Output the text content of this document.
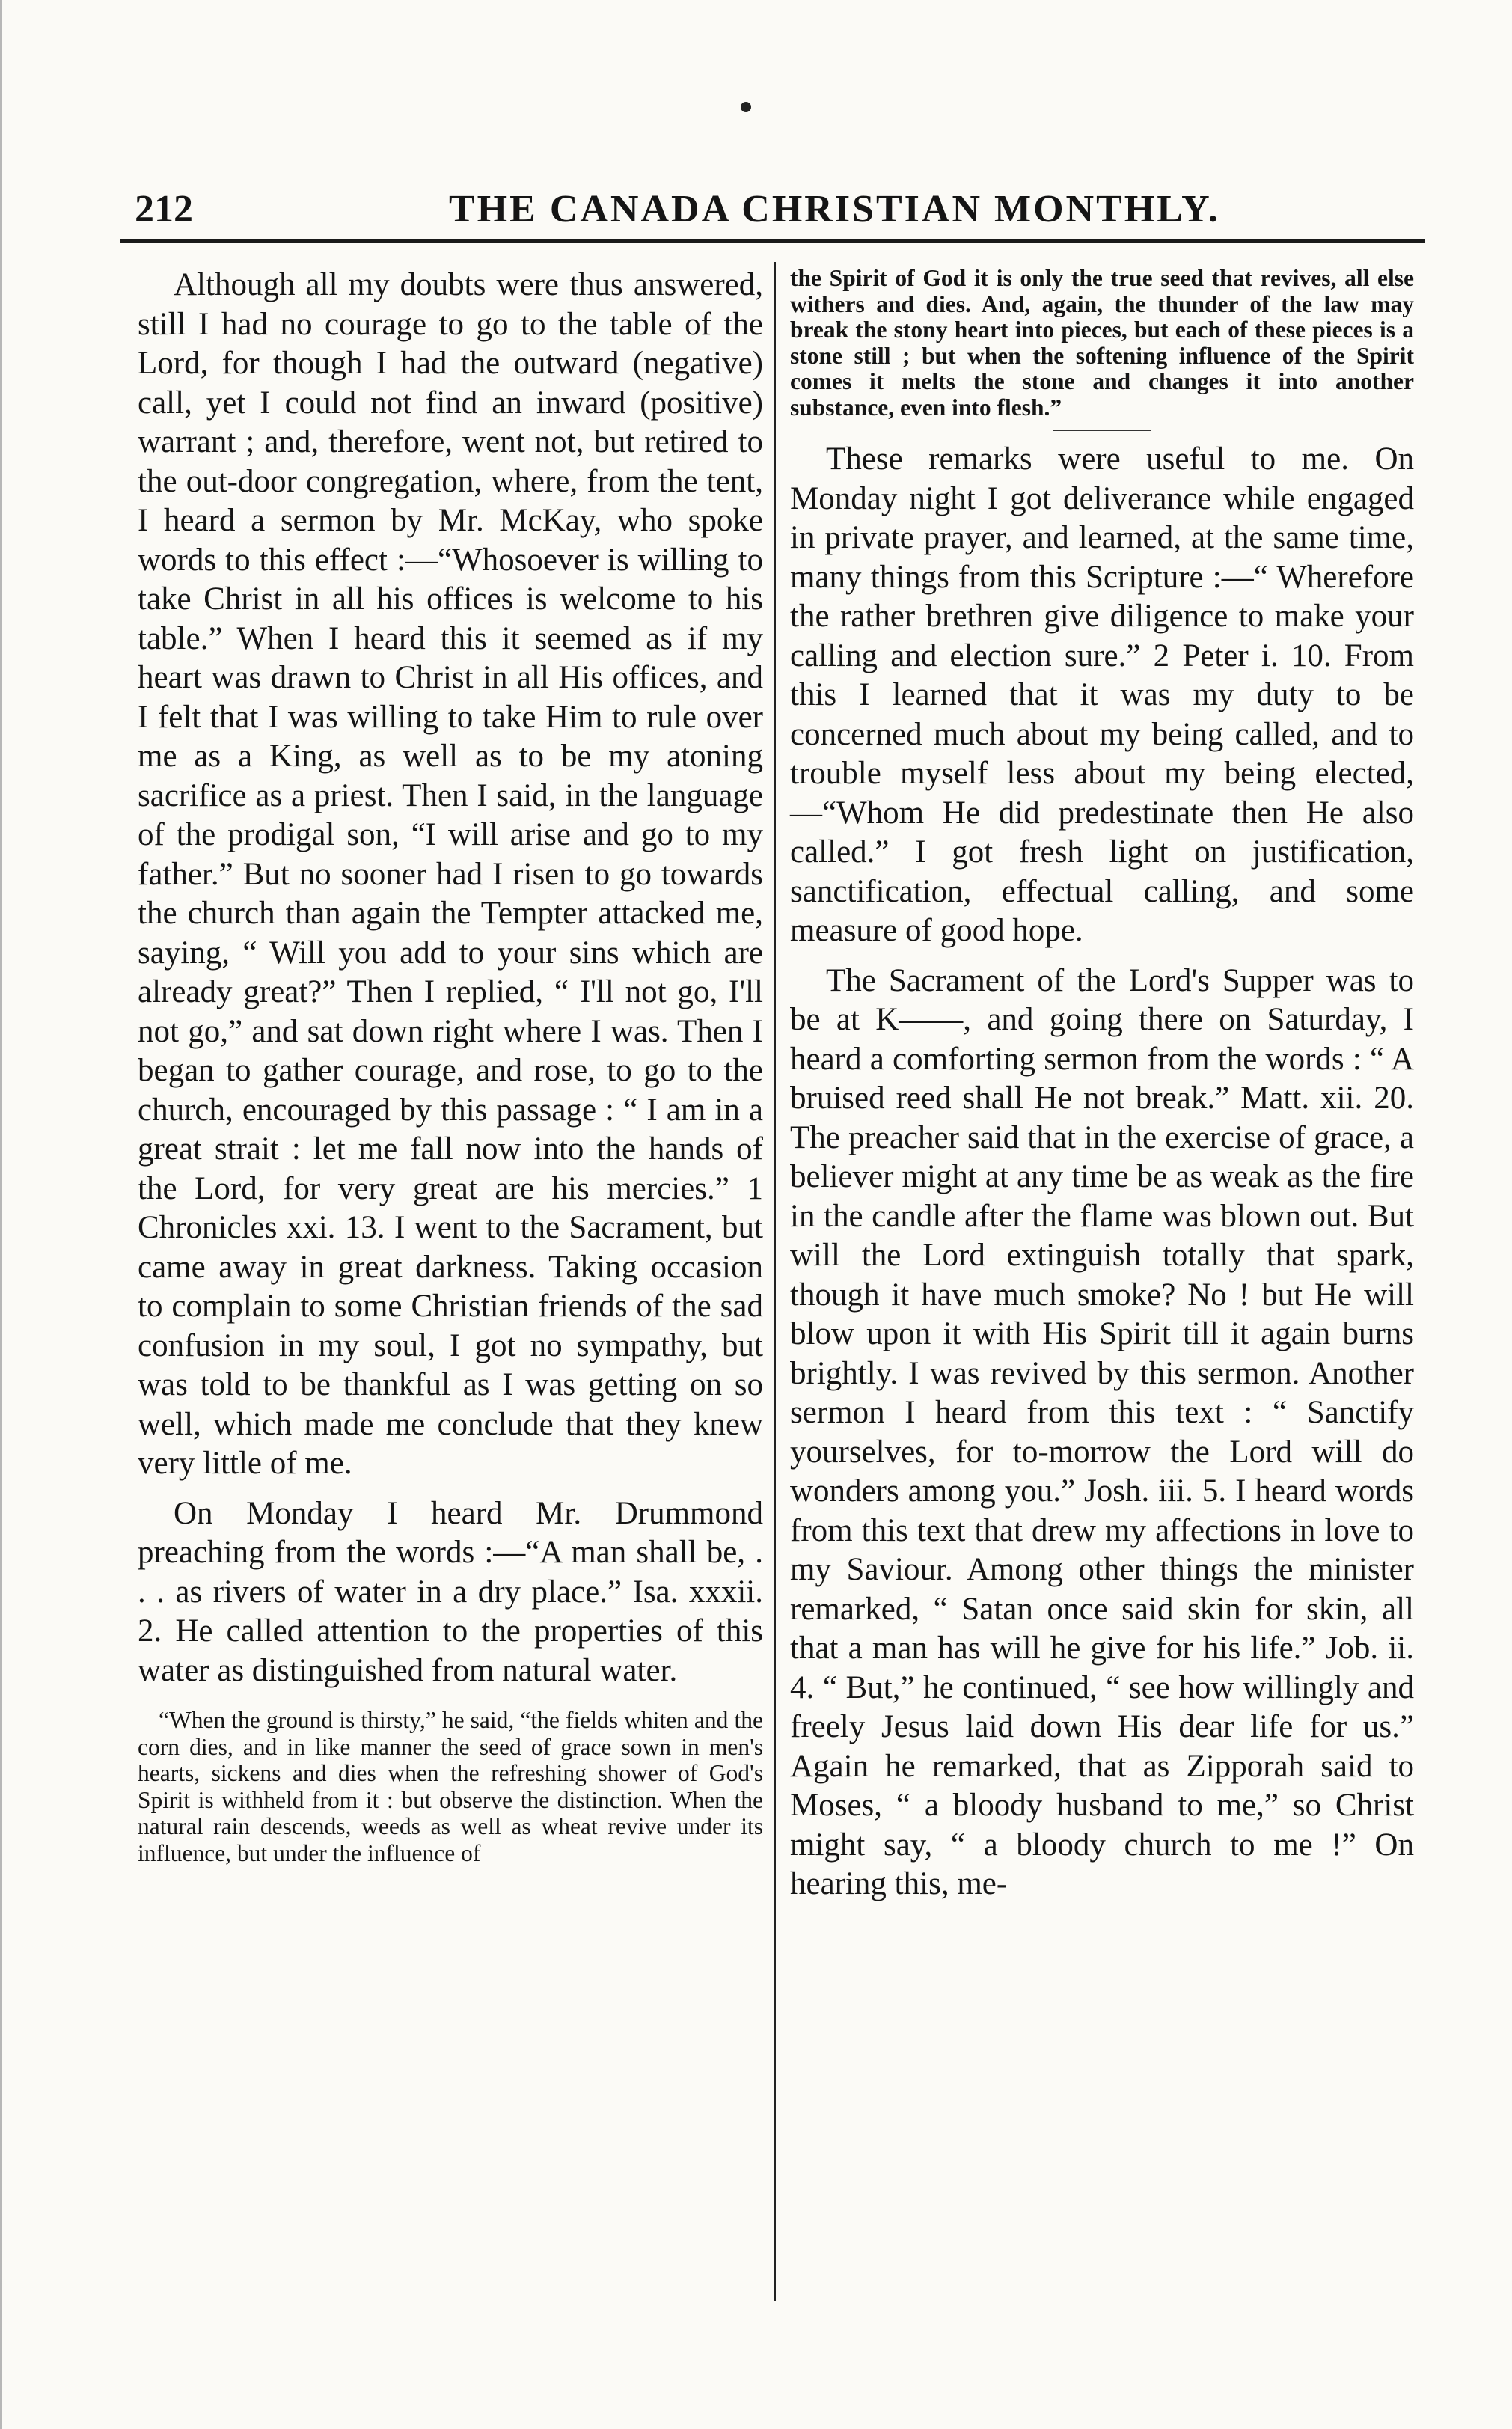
212	THE CANADA CHRISTIAN MONTHLY.

Although all my doubts were thus answered, still I had no courage to go to the table of the Lord, for though I had the outward (negative) call, yet I could not find an inward (positive) warrant ; and, therefore, went not, but retired to the out-door congregation, where, from the tent, I heard a sermon by Mr. McKay, who spoke words to this effect :—“Whosoever is willing to take Christ in all his offices is welcome to his table.” When I heard this it seemed as if my heart was drawn to Christ in all His offices, and I felt that I was willing to take Him to rule over me as a King, as well as to be my atoning sacrifice as a priest. Then I said, in the language of the prodigal son, “I will arise and go to my father.” But no sooner had I risen to go towards the church than again the Tempter attacked me, saying, “ Will you add to your sins which are already great?” Then I replied, “ I'll not go, I'll not go,” and sat down right where I was. Then I began to gather courage, and rose, to go to the church, encouraged by this passage : “ I am in a great strait : let me fall now into the hands of the Lord, for very great are his mercies.” 1 Chronicles xxi. 13. I went to the Sacrament, but came away in great darkness. Taking occasion to complain to some Christian friends of the sad confusion in my soul, I got no sympathy, but was told to be thankful as I was getting on so well, which made me conclude that they knew very little of me.

On Monday I heard Mr. Drummond preaching from the words :—“A man shall be, . . . as rivers of water in a dry place.” Isa. xxxii. 2. He called attention to the properties of this water as distinguished from natural water.

“When the ground is thirsty,” he said, “the fields whiten and the corn dies, and in like manner the seed of grace sown in men's hearts, sickens and dies when the refreshing shower of God's Spirit is withheld from it : but observe the distinction. When the natural rain descends, weeds as well as wheat revive under its influence, but under the influence of

the Spirit of God it is only the true seed that revives, all else withers and dies. And, again, the thunder of the law may break the stony heart into pieces, but each of these pieces is a stone still ; but when the softening influence of the Spirit comes it melts the stone and changes it into another substance, even into flesh.”

These remarks were useful to me. On Monday night I got deliverance while engaged in private prayer, and learned, at the same time, many things from this Scripture :—“ Wherefore the rather brethren give diligence to make your calling and election sure.” 2 Peter i. 10. From this I learned that it was my duty to be concerned much about my being called, and to trouble myself less about my being elected,—“Whom He did predestinate then He also called.” I got fresh light on justification, sanctification, effectual calling, and some measure of good hope.

The Sacrament of the Lord's Supper was to be at K——, and going there on Saturday, I heard a comforting sermon from the words : “ A bruised reed shall He not break.” Matt. xii. 20. The preacher said that in the exercise of grace, a believer might at any time be as weak as the fire in the candle after the flame was blown out. But will the Lord extinguish totally that spark, though it have much smoke? No ! but He will blow upon it with His Spirit till it again burns brightly. I was revived by this sermon. Another sermon I heard from this text : “ Sanctify yourselves, for to-morrow the Lord will do wonders among you.” Josh. iii. 5. I heard words from this text that drew my affections in love to my Saviour. Among other things the minister remarked, “ Satan once said skin for skin, all that a man has will he give for his life.” Job. ii. 4. “ But,” he continued, “ see how willingly and freely Jesus laid down His dear life for us.” Again he remarked, that as Zipporah said to Moses, “ a bloody husband to me,” so Christ might say, “ a bloody church to me !” On hearing this, me-
